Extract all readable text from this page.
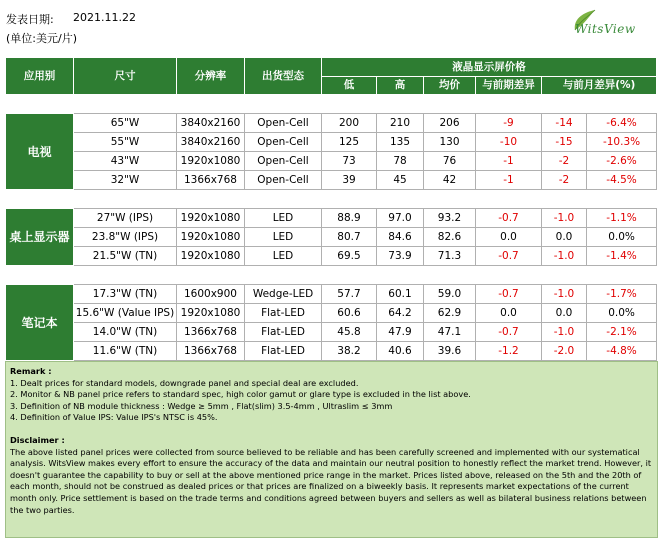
发表日期: 2021.11.22
(单位:美元/片)
WitsView
应用别	尺寸	分辨率	出货型态	液晶显示屏价格					
				低	高	均价	与前期差异	与前月差异(%)	

电视	65"W	3840x2160	Open-Cell	200	210	206	-9	-14	-6.4%
	55"W	3840x2160	Open-Cell	125	135	130	-10	-15	-10.3%
	43"W	1920x1080	Open-Cell	73	78	76	-1	-2	-2.6%
	32"W	1366x768	Open-Cell	39	45	42	-1	-2	-4.5%

桌上显示器	27"W (IPS)	1920x1080	LED	88.9	97.0	93.2	-0.7	-1.0	-1.1%
	23.8"W (IPS)	1920x1080	LED	80.7	84.6	82.6	0.0	0.0	0.0%
	21.5"W (TN)	1920x1080	LED	69.5	73.9	71.3	-0.7	-1.0	-1.4%

笔记本	17.3"W (TN)	1600x900	Wedge-LED	57.7	60.1	59.0	-0.7	-1.0	-1.7%
	15.6"W (Value IPS)	1920x1080	Flat-LED	60.6	64.2	62.9	0.0	0.0	0.0%
	14.0"W (TN)	1366x768	Flat-LED	45.8	47.9	47.1	-0.7	-1.0	-2.1%
	11.6"W (TN)	1366x768	Flat-LED	38.2	40.6	39.6	-1.2	-2.0	-4.8%

Remark :

1. Dealt prices for standard models, downgrade panel and special deal are excluded.

2. Monitor & NB panel price refers to standard spec, high color gamut or glare type is excluded in the list above.

3. Definition of NB module thickness : Wedge ≥ 5mm , Flat(slim) 3.5-4mm , Ultraslim ≤ 3mm

4. Definition of Value IPS: Value IPS's NTSC is 45%.

Disclaimer :

The above listed panel prices were collected from source believed to be reliable and has been carefully screened and implemented with our systematical analysis. WitsView makes every effort to ensure the accuracy of the data and maintain our neutral position to honestly reflect the market trend. However, it doesn't guarantee the capability to buy or sell at the above mentioned price range in the market. Prices listed above, released on the 5th and the 20th of each month, should not be construed as dealed prices or that prices are finalized on a biweekly basis. It represents market expectations of the current month only. Price settlement is based on the trade terms and conditions agreed between buyers and sellers as well as bilateral business relations between the two parties.
